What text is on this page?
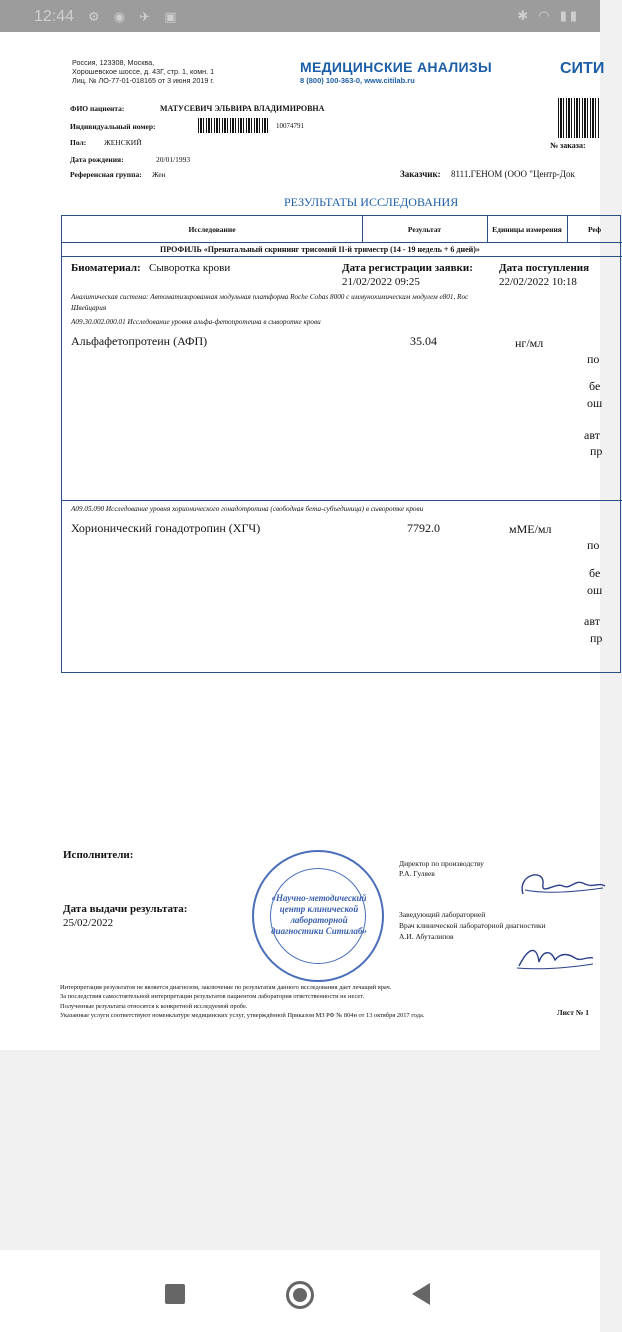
12:44 ⚙ ◉ ✈ ▣	✱ ◠ ▮▮
Россия, 123308, Москва,
Хорошевское шоссе, д. 43Г, стр. 1, комн. 1
Лиц. № ЛО-77-01-018165 от 3 июня 2019 г.
МЕДИЦИНСКИЕ АНАЛИЗЫ
8 (800) 100-363-0, www.citilab.ru
СИТИ
ФИО пациента:	МАТУСЕВИЧ ЭЛЬВИРА ВЛАДИМИРОВНА
Индивидуальный номер:	10074791
Пол: ЖЕНСКИЙ
Дата рождения:	20/01/1993
Референсная группа: Жен
№ заказа:
Заказчик: 8111.ГЕНОМ (ООО "Центр-Док
РЕЗУЛЬТАТЫ ИССЛЕДОВАНИЯ
Исследование	Результат	Единицы измерения	Реф
ПРОФИЛЬ «Пренатальный скрининг трисомий II-й триместр (14 - 19 недель + 6 дней)»
Биоматериал: Сыворотка крови	Дата регистрации заявки:
21/02/2022 09:25
Дата поступления
22/02/2022 10:18
Аналитическая система: Автоматизированная модульная платформа Roche Cobas 8000 с иммунохимическим модулем e801, Roc
Швейцария
А09.30.002.000.01 Исследование уровня альфа-фетопротеина в сыворотке крови
Альфафетопротеин (АФП)	35.04	нг/мл
по
бе
ош
авт
пр
А09.05.090 Исследование уровня хорионического гонадотропина (свободная бета-субъединица) в сыворотке крови
Хорионический гонадотропин (ХГЧ)	7792.0	мМЕ/мл
по
бе
ош
авт
пр
Исполнители:
Дата выдачи результата:
25/02/2022
«Научно-методический центр клинической лабораторной диагностики Ситилаб»
Директор по производству
Р.А. Гуляев
Заведующий лабораторией
Врач клинической лабораторной диагностики
А.И. Абуталипов
Интерпретация результатов не является диагнозом, заключение по результатам данного исследования дает лечащий врач.
За последствия самостоятельной интерпретации результатов пациентом лаборатория ответственности не несет.
Полученные результаты относятся к конкретной исследуемой пробе.
Указанные услуги соответствуют номенклатуре медицинских услуг, утверждённой Приказом МЗ РФ № 804н от 13 октября 2017 года.	Лист № 1
